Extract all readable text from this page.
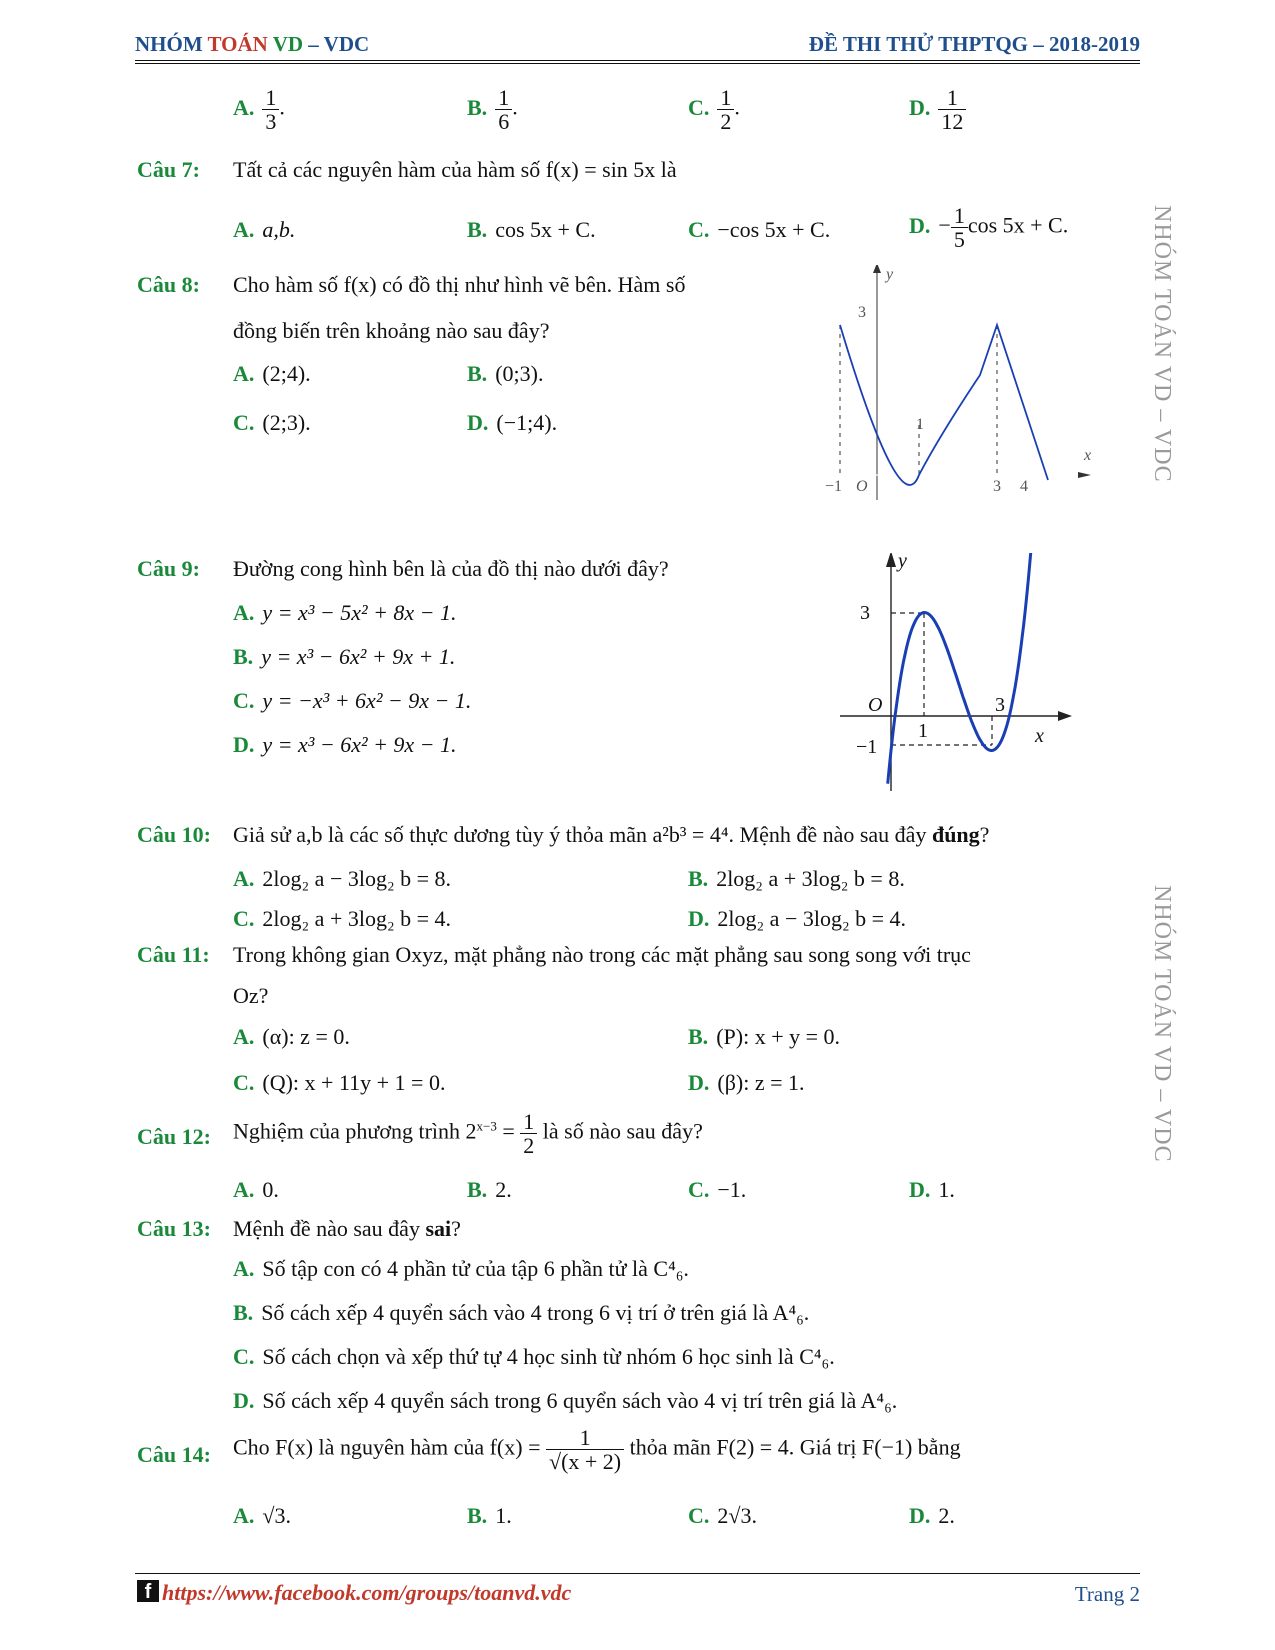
NHÓM TOÁN VD – VDC	ĐỀ THI THỬ THPTQG – 2018-2019
NHÓM TOÁN VD – VDC
NHÓM TOÁN VD – VDC
A. $\frac{1}{3}$ .	B. $\frac{1}{6}$ .	C. $\frac{1}{2}$ .	D. $\frac{1}{12}$
Câu 7: Tất cả các nguyên hàm của hàm số f(x) = sin 5x là
A. a,b.	B. cos 5x + C.	C. −cos 5x + C.	D. − $\frac{1}{5}$ cos 5x + C.
Câu 8: Cho hàm số f(x) có đồ thị như hình vẽ bên. Hàm số
đồng biến trên khoảng nào sau đây?
A. (2;4).	B. (0;3).
C. (2;3).	D. (−1;4).
y
x
3
−1 O
1
3 4
Câu 9: Đường cong hình bên là của đồ thị nào dưới đây?
A. y = x³ − 5x² + 8x − 1.
B. y = x³ − 6x² + 9x + 1.
C. y = −x³ + 6x² − 9x − 1.
D. y = x³ − 6x² + 9x − 1.
y
3
3
O
−1
1	x
Câu 10: Giả sử a,b là các số thực dương tùy ý thỏa mãn a²b³ = 4⁴. Mệnh đề nào sau đây đúng?
A. 2log₂ a − 3log₂ b = 8.	B. 2log₂ a + 3log₂ b = 8.
C. 2log₂ a + 3log₂ b = 4.	D. 2log₂ a − 3log₂ b = 4.
Câu 11: Trong không gian Oxyz, mặt phẳng nào trong các mặt phẳng sau song song với trục
Oz?
A. (α): z = 0.	B. (P): x + y = 0.
C. (Q): x + 11y + 1 = 0.	D. (β): z = 1.
Câu 12: Nghiệm của phương trình $2^{x-3} = \frac{1}{2}$ là số nào sau đây?
A. 0.	B. 2.	C. −1.	D. 1.
Câu 13: Mệnh đề nào sau đây sai?
A. Số tập con có 4 phần tử của tập 6 phần tử là C⁴₆.
B. Số cách xếp 4 quyển sách vào 4 trong 6 vị trí ở trên giá là A⁴₆.
C. Số cách chọn và xếp thứ tự 4 học sinh từ nhóm 6 học sinh là C⁴₆.
D. Số cách xếp 4 quyển sách trong 6 quyển sách vào 4 vị trí trên giá là A⁴₆.
Câu 14: Cho F(x) là nguyên hàm của $f(x) = \frac{1}{√(x + 2)}$ thỏa mãn F(2) = 4. Giá trị F(−1) bằng
A. √3.	B. 1.	C. 2√3.	D. 2.
f https://www.facebook.com/groups/toanvd.vdc	Trang 2
